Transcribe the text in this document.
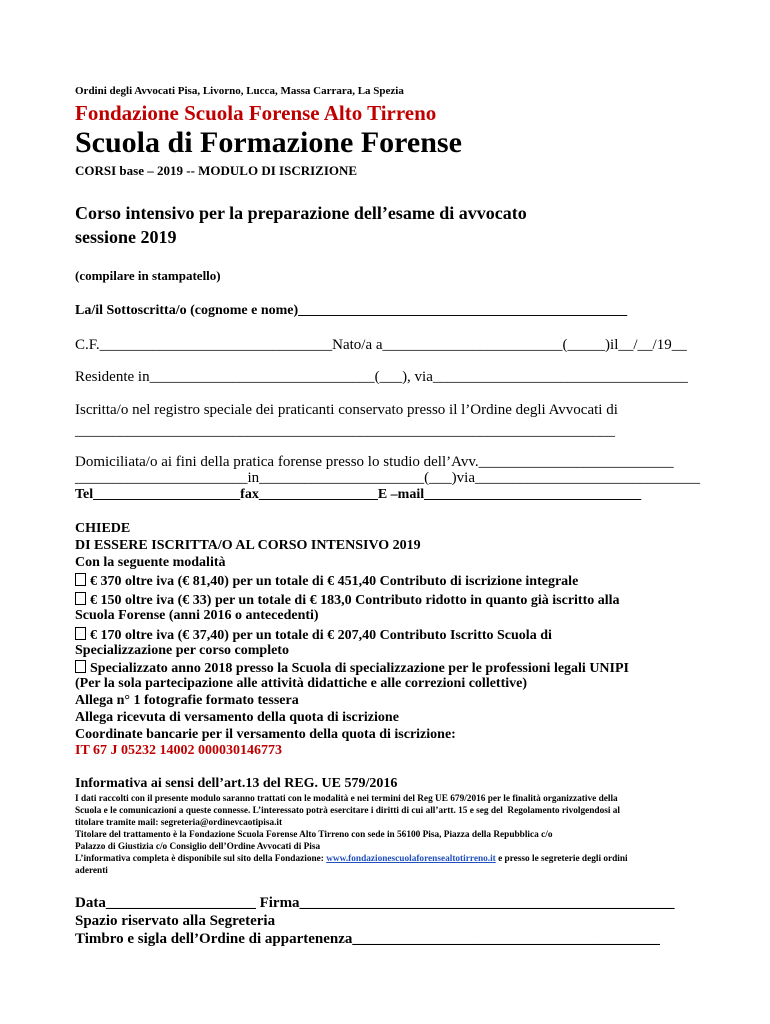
Ordini degli Avvocati Pisa, Livorno, Lucca, Massa Carrara, La Spezia
Fondazione Scuola Forense Alto Tirreno
Scuola di Formazione Forense
CORSI base – 2019 -- MODULO DI ISCRIZIONE
Corso intensivo per la preparazione dell’esame di avvocato
sessione 2019
(compilare in stampatello)
La/il Sottoscritta/o (cognome e nome)_______________________________________________
C.F._______________________________Nato/a a________________________(_____)il__/__/19__
Residente in______________________________(___), via__________________________________
Iscritta/o nel registro speciale dei praticanti conservato presso il l’Ordine degli Avvocati di
________________________________________________________________________
Domiciliata/o ai fini della pratica forense presso lo studio dell’Avv.__________________________
_______________________in______________________(___)via______________________________
Tel_____________________fax_________________E –mail_______________________________
CHIEDE
DI ESSERE ISCRITTA/O AL CORSO INTENSIVO 2019
Con la seguente modalità
€ 370 oltre iva (€ 81,40) per un totale di € 451,40 Contributo di iscrizione integrale
€ 150 oltre iva (€ 33) per un totale di € 183,0 Contributo ridotto in quanto già iscritto alla
Scuola Forense (anni 2016 o antecedenti)
€ 170 oltre iva (€ 37,40) per un totale di € 207,40 Contributo Iscritto Scuola di
Specializzazione per corso completo
Specializzato anno 2018 presso la Scuola di specializzazione per le professioni legali UNIPI
(Per la sola partecipazione alle attività didattiche e alle correzioni collettive)
Allega n° 1 fotografie formato tessera
Allega ricevuta di versamento della quota di iscrizione
Coordinate bancarie per il versamento della quota di iscrizione:
IT 67 J 05232 14002 000030146773
Informativa ai sensi dell’art.13 del REG. UE 579/2016
I dati raccolti con il presente modulo saranno trattati con le modalità e nei termini del Reg UE 679/2016 per le finalità organizzative della
Scuola e le comunicazioni a queste connesse. L’interessato potrà esercitare i diritti di cui all’artt. 15 e seg del  Regolamento rivolgendosi al
titolare tramite mail: segreteria@ordinevcaotipisa.it
Titolare del trattamento è la Fondazione Scuola Forense Alto Tirreno con sede in 56100 Pisa, Piazza della Repubblica c/o
Palazzo di Giustizia c/o Consiglio dell’Ordine Avvocati di Pisa
L’informativa completa è disponibile sul sito della Fondazione: www.fondazionescuolaforensealtotirreno.it e presso le segreterie degli ordini
aderenti
Data____________________ Firma__________________________________________________
Spazio riservato alla Segreteria
Timbro e sigla dell’Ordine di appartenenza_________________________________________
